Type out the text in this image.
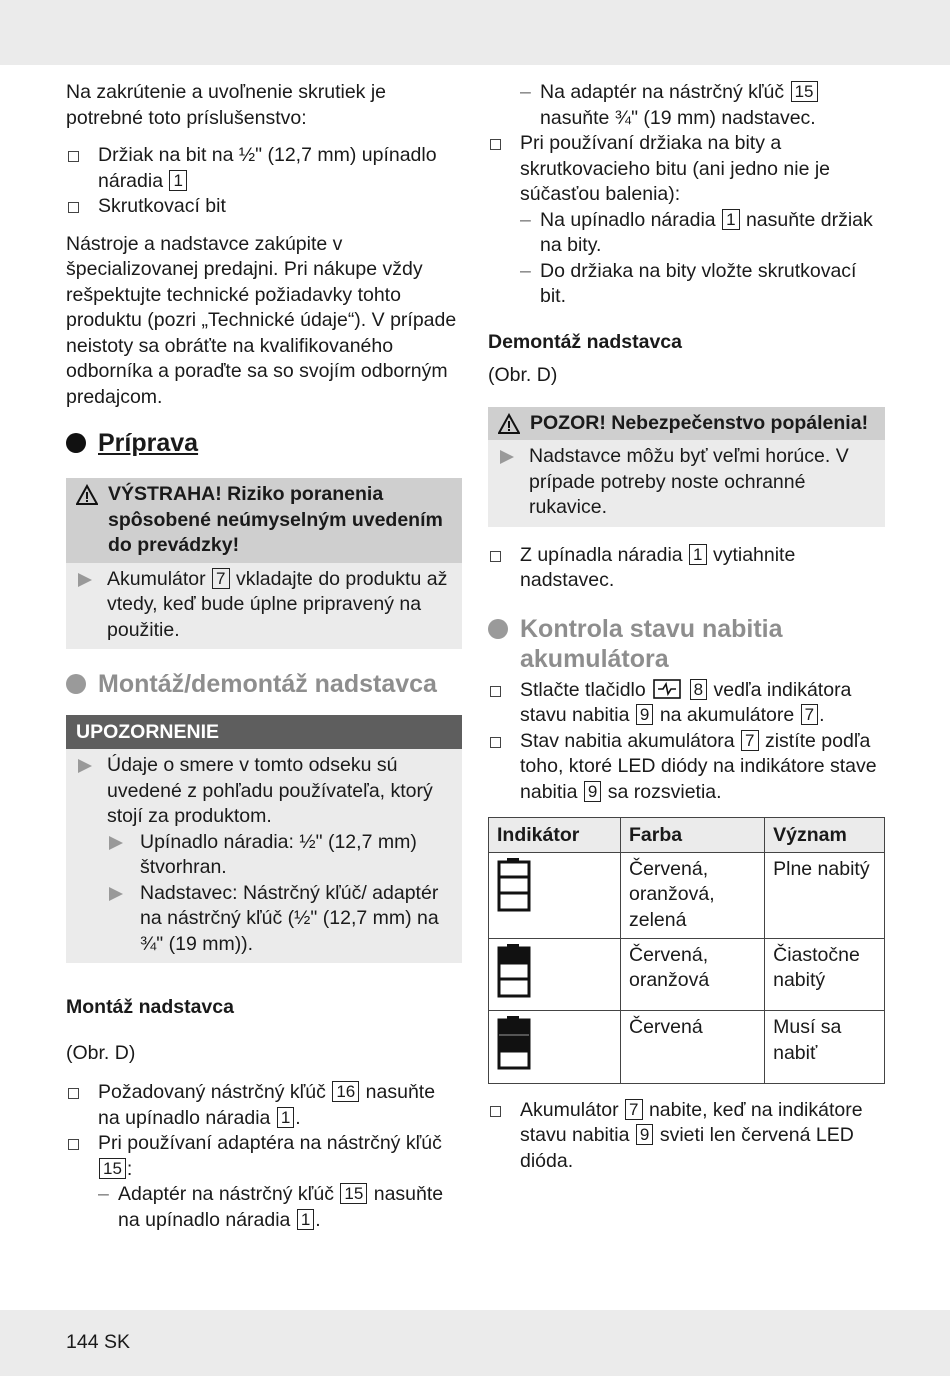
Na zakrútenie a uvoľnenie skrutiek je potrebné toto príslušenstvo:

Držiak na bit na ½" (12,7 mm) upínadlo náradia 1
Skrutkovací bit

Nástroje a nadstavce zakúpite v špecializovanej predajni. Pri nákupe vždy rešpektujte technické požiadavky tohto produktu (pozri „Technické údaje“). V prípade neistoty sa obráťte na kvalifikovaného odborníka a poraďte sa so svojím odborným predajcom.

Príprava
VÝSTRAHA! Riziko poranenia spôsobené neúmyselným uvedením do prevádzky!
Akumulátor 7 vkladajte do produktu až vtedy, keď bude úplne pripravený na použitie.
Montáž/demontáž nadstavca
UPOZORNENIE
Údaje o smere v tomto odseku sú uvedené z pohľadu používateľa, ktorý stojí za produktom.
Upínadlo náradia: ½" (12,7 mm) štvorhran.
Nadstavec: Nástrčný kľúč/ adaptér na nástrčný kľúč (½" (12,7 mm) na ¾" (19 mm)).

Montáž nadstavca

(Obr. D)

Požadovaný nástrčný kľúč 16 nasuňte na upínadlo náradia 1 .
Pri používaní adaptéra na nástrčný kľúč 15 :
– Adaptér na nástrčný kľúč 15 nasuňte na upínadlo náradia 1 .
– Na adaptér na nástrčný kľúč 15 nasuňte ¾" (19 mm) nadstavec.
Pri používaní držiaka na bity a skrutkovacieho bitu (ani jedno nie je súčasťou balenia):
– Na upínadlo náradia 1 nasuňte držiak na bity.
– Do držiaka na bity vložte skrutkovací bit.

Demontáž nadstavca

(Obr. D)

POZOR! Nebezpečenstvo popálenia!
Nadstavce môžu byť veľmi horúce. V prípade potreby noste ochranné rukavice.
Z upínadla náradia 1 vytiahnite nadstavec.
Kontrola stavu nabitia akumulátora
Stlačte tlačidlo	8 vedľa indikátora stavu nabitia 9 na akumulátore 7 .
Stav nabitia akumulátora 7 zistíte podľa toho, ktoré LED diódy na indikátore stave nabitia 9 sa rozsvietia.
Indikátor	Farba	Význam
	Červená, oranžová, zelená	Plne nabitý
	Červená, oranžová	Čiastočne nabitý
	Červená	Musí sa nabiť
Akumulátor 7 nabite, keď na indikátore stavu nabitia 9 svieti len červená LED dióda.
144 SK
